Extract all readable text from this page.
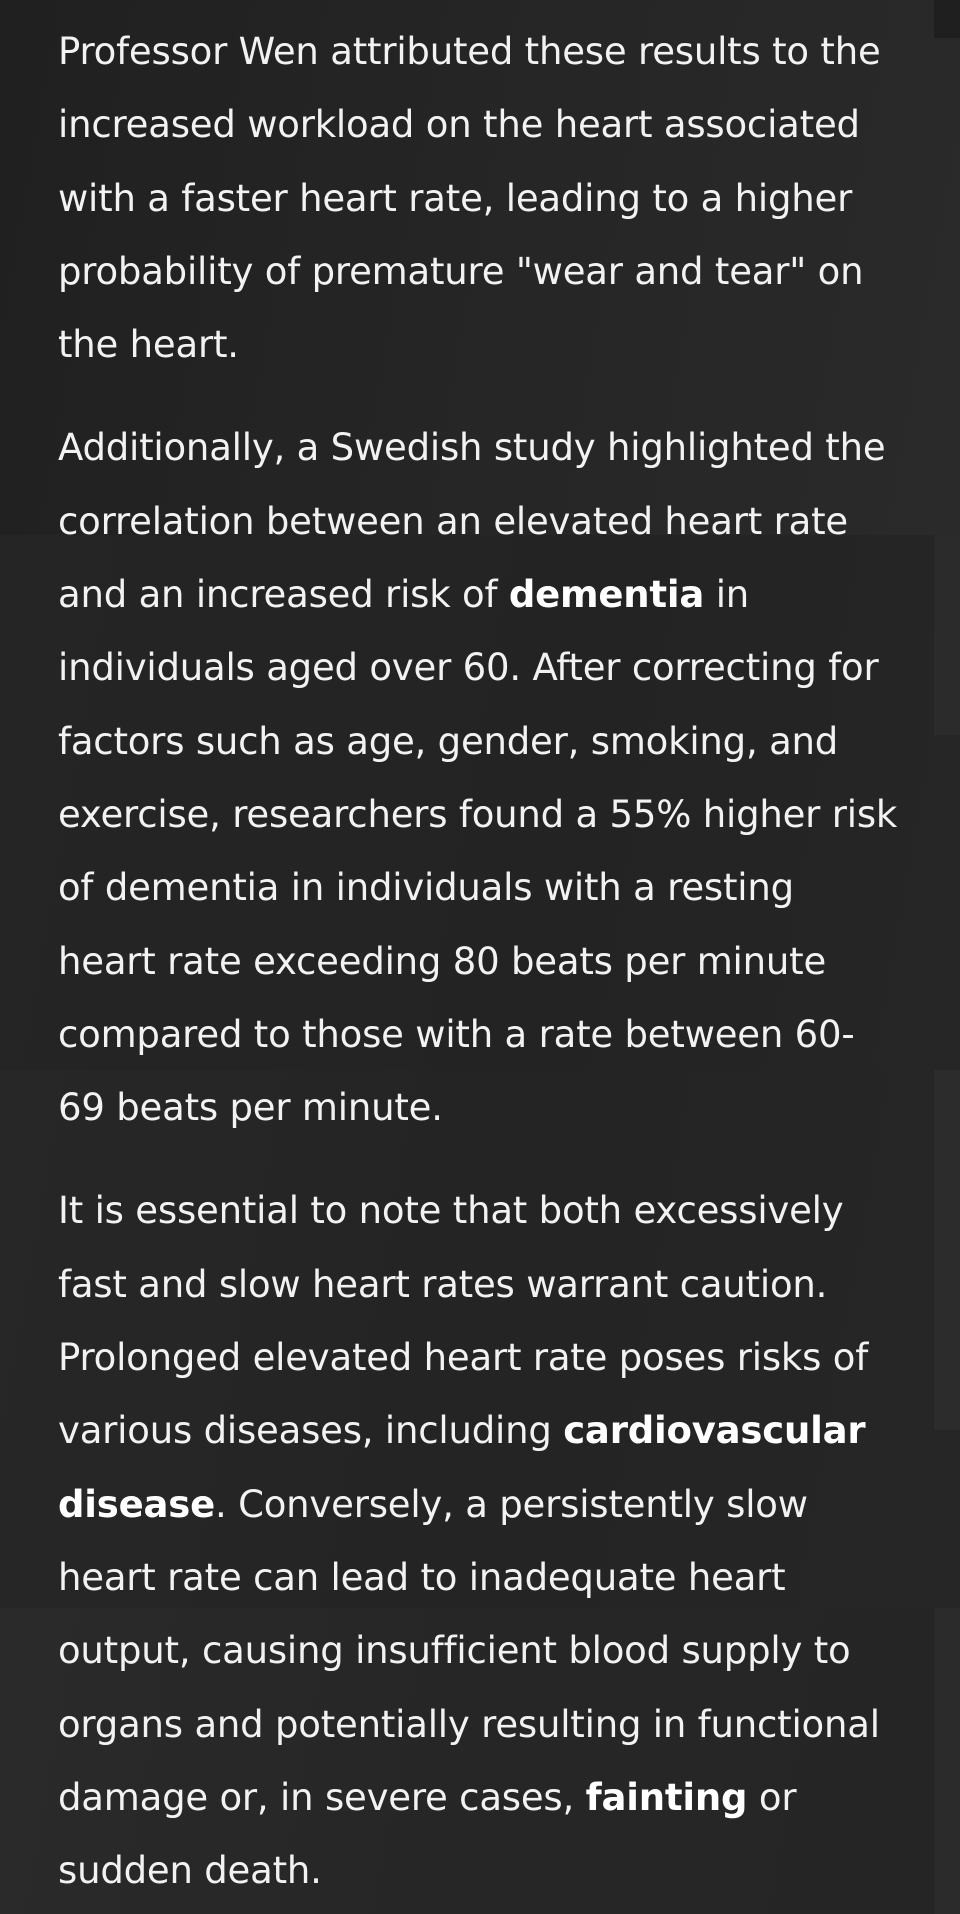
Professor Wen attributed these results to the increased workload on the heart associated with a faster heart rate, leading to a higher probability of premature "wear and tear" on the heart.

Additionally, a Swedish study highlighted the correlation between an elevated heart rate and an increased risk of dementia in individuals aged over 60. After correcting for factors such as age, gender, smoking, and exercise, researchers found a 55% higher risk of dementia in individuals with a resting heart rate exceeding 80 beats per minute compared to those with a rate between 60-69 beats per minute.

It is essential to note that both excessively fast and slow heart rates warrant caution. Prolonged elevated heart rate poses risks of various diseases, including cardiovascular disease. Conversely, a persistently slow heart rate can lead to inadequate heart output, causing insufficient blood supply to organs and potentially resulting in functional damage or, in severe cases, fainting or sudden death.
